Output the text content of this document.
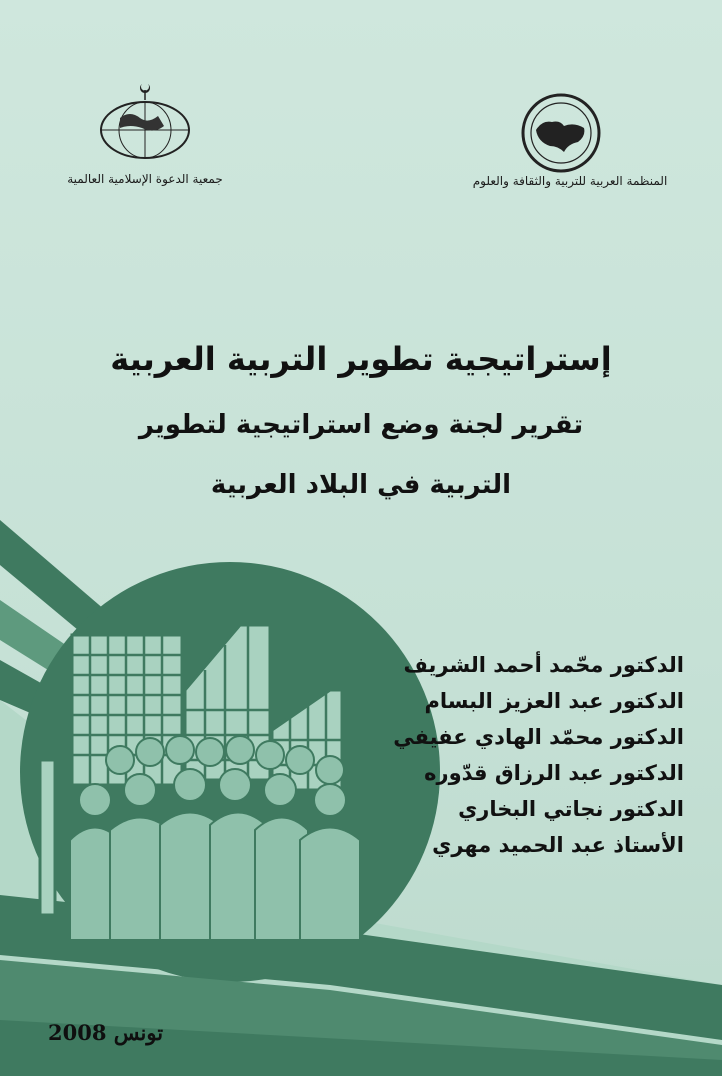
جمعية الدعوة الإسلامية العالمية	المنظمة العربية للتربية والثقافة والعلوم
إستراتيجية تطوير التربية العربية
تقرير لجنة وضع استراتيجية لتطوير
التربية في البلاد العربية
الدكتور محّمد أحمد الشريف
الدكتور عبد العزيز البسام
الدكتور محمّد الهادي عفيفي
الدكتور عبد الرزاق قدّوره
الدكتور نجاتي البخاري
الأستاذ عبد الحميد مهري
تونس 2008
